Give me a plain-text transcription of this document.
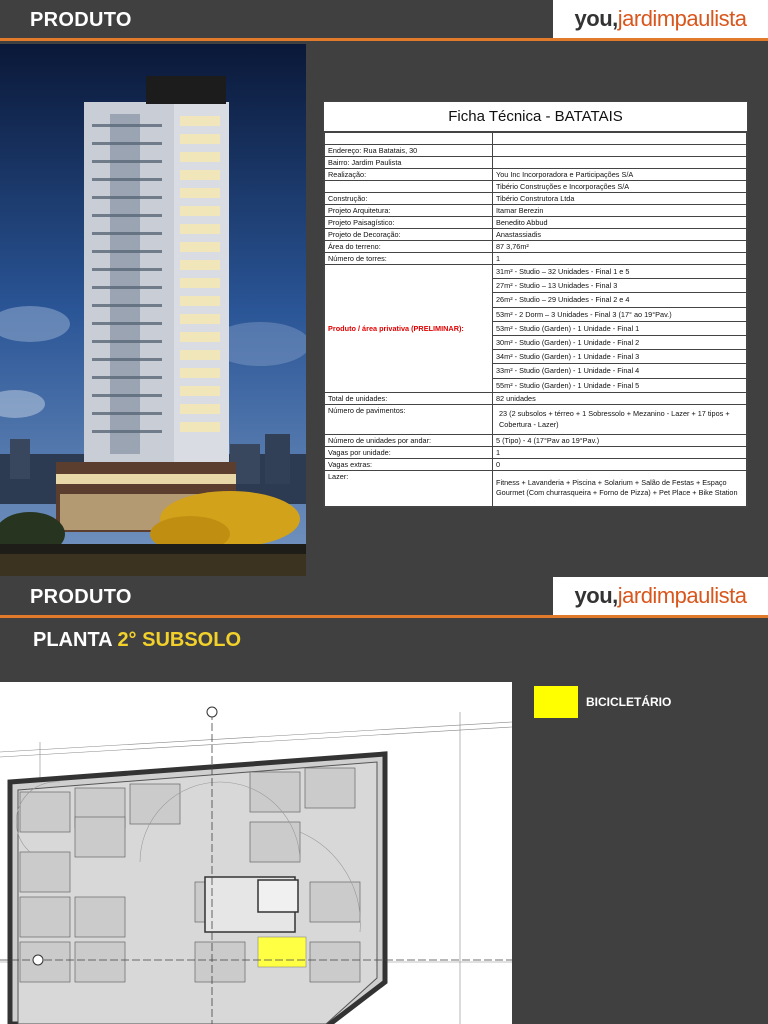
PRODUTO	you,jardimpaulista
Ficha Técnica - BATATAIS

Endereço: Rua Batatais, 30	
Bairro: Jardim Paulista	
Realização:	You Inc Incorporadora e Participações S/A
	Tibério Construções e Incorporações S/A
Construção:	Tibério Construtora Ltda
Projeto Arquitetura:	Itamar Berezin
Projeto Paisagístico:	Benedito Abbud
Projeto de Decoração:	Anastassiadis
Área do terreno:	87 3,76m²
Número de torres:	1
Produto / área privativa (PRELIMINAR):	31m² - Studio – 32 Unidades - Final 1 e 5
	27m² - Studio – 13 Unidades - Final 3
	26m² - Studio – 29 Unidades - Final 2 e 4
	53m² - 2 Dorm – 3 Unidades - Final 3 (17° ao 19°Pav.)
	53m² - Studio (Garden) - 1 Unidade - Final 1
	30m² - Studio (Garden) - 1 Unidade - Final 2
	34m² - Studio (Garden) - 1 Unidade - Final 3
	33m² - Studio (Garden) - 1 Unidade - Final 4
	55m² - Studio (Garden) - 1 Unidade - Final 5
Total de unidades:	82 unidades
Número de pavimentos:	23 (2 subsolos + térreo + 1 Sobressolo + Mezanino - Lazer + 17 tipos + Cobertura - Lazer)
Número de unidades por andar:	5 (Tipo) - 4 (17°Pav ao 19°Pav.)
Vagas por unidade:	1
Vagas extras:	0
Lazer:	Fitness + Lavanderia + Piscina + Solarium + Salão de Festas + Espaço Gourmet (Com churrasqueira + Forno de Pizza) + Pet Place + Bike Station
PRODUTO	you,jardimpaulista
PLANTA 2° SUBSOLO
BICICLETÁRIO
